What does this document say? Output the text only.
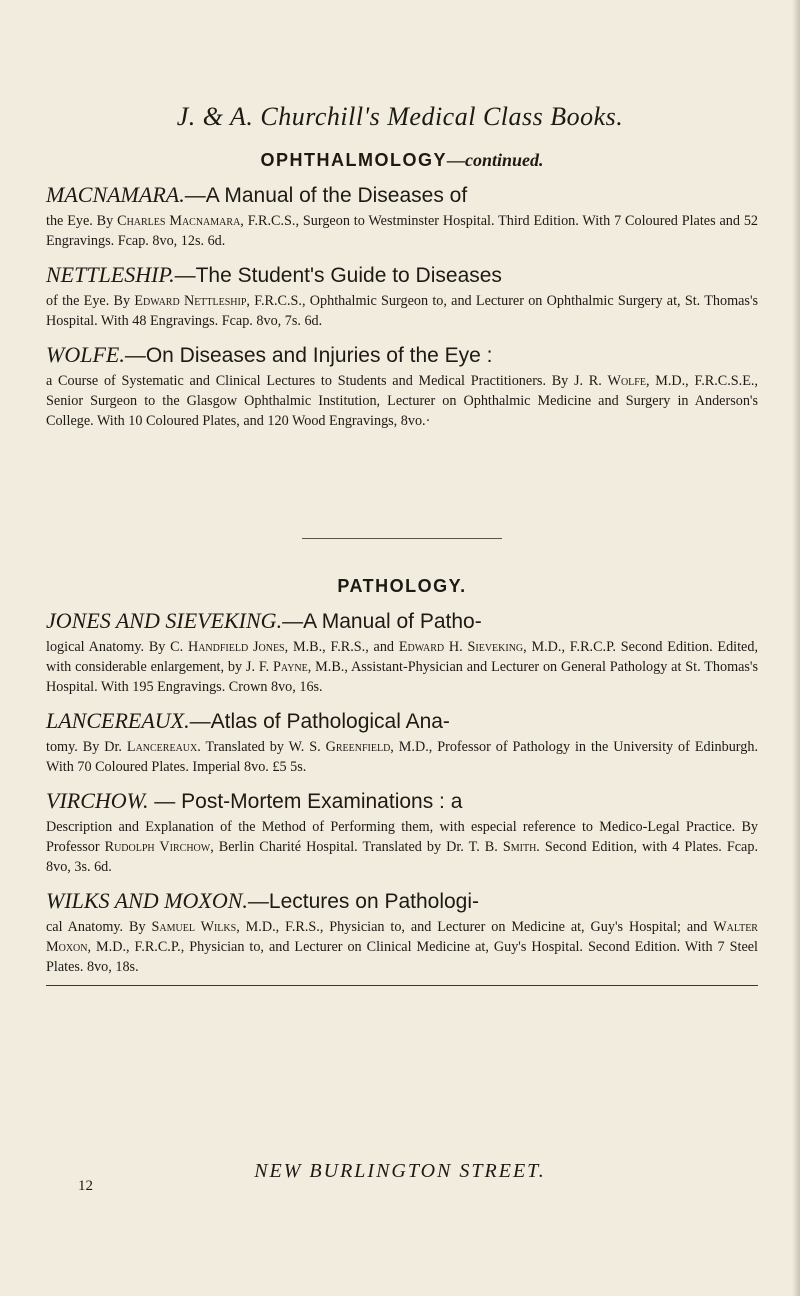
J. & A. Churchill's Medical Class Books.
OPHTHALMOLOGY—continued.

MACNAMARA.—A Manual of the Diseases of

the Eye. By Charles Macnamara, F.R.C.S., Surgeon to Westminster Hospital. Third Edition. With 7 Coloured Plates and 52 Engravings. Fcap. 8vo, 12s. 6d.

NETTLESHIP.—The Student's Guide to Diseases

of the Eye. By Edward Nettleship, F.R.C.S., Ophthalmic Surgeon to, and Lecturer on Ophthalmic Surgery at, St. Thomas's Hospital. With 48 Engravings. Fcap. 8vo, 7s. 6d.

WOLFE.—On Diseases and Injuries of the Eye :

a Course of Systematic and Clinical Lectures to Students and Medical Practitioners. By J. R. Wolfe, M.D., F.R.C.S.E., Senior Surgeon to the Glasgow Ophthalmic Institution, Lecturer on Ophthalmic Medicine and Surgery in Anderson's College. With 10 Coloured Plates, and 120 Wood Engravings, 8vo.·

PATHOLOGY.

JONES AND SIEVEKING.—A Manual of Patho-

logical Anatomy. By C. Handfield Jones, M.B., F.R.S., and Edward H. Sieveking, M.D., F.R.C.P. Second Edition. Edited, with considerable enlargement, by J. F. Payne, M.B., Assistant-Physician and Lecturer on General Pathology at St. Thomas's Hospital. With 195 Engravings. Crown 8vo, 16s.

LANCEREAUX.—Atlas of Pathological Ana-

tomy. By Dr. Lancereaux. Translated by W. S. Greenfield, M.D., Professor of Pathology in the University of Edinburgh. With 70 Coloured Plates. Imperial 8vo. £5 5s.

VIRCHOW. — Post-Mortem Examinations : a

Description and Explanation of the Method of Performing them, with especial reference to Medico-Legal Practice. By Professor Rudolph Virchow, Berlin Charité Hospital. Translated by Dr. T. B. Smith. Second Edition, with 4 Plates. Fcap. 8vo, 3s. 6d.

WILKS AND MOXON.—Lectures on Pathologi-

cal Anatomy. By Samuel Wilks, M.D., F.R.S., Physician to, and Lecturer on Medicine at, Guy's Hospital; and Walter Moxon, M.D., F.R.C.P., Physician to, and Lecturer on Clinical Medicine at, Guy's Hospital. Second Edition. With 7 Steel Plates. 8vo, 18s.

NEW BURLINGTON STREET.
12
